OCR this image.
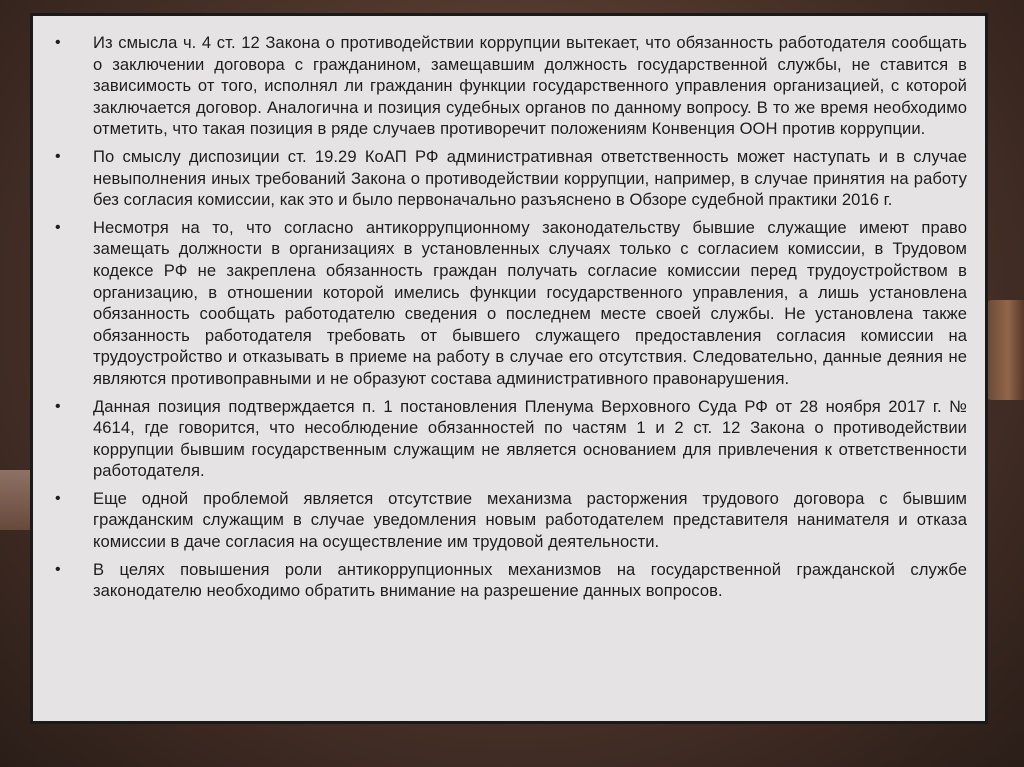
• Из смысла ч. 4 ст. 12 Закона о противодействии коррупции вытекает, что обязанность работодателя сообщать о заключении договора с гражданином, замещавшим должность государственной службы, не ставится в зависимость от того, исполнял ли гражданин функции государственного управления организацией, с которой заключается договор. Аналогична и позиция судебных органов по данному вопросу. В то же время необходимо отметить, что такая позиция в ряде случаев противоречит положениям Конвенция ООН против коррупции.
• По смыслу диспозиции ст. 19.29 КоАП РФ административная ответственность может наступать и в случае невыполнения иных требований Закона о противодействии коррупции, например, в случае принятия на работу без согласия комиссии, как это и было первоначально разъяснено в Обзоре судебной практики 2016 г.
• Несмотря на то, что согласно антикоррупционному законодательству бывшие служащие имеют право замещать должности в организациях в установленных случаях только с согласием комиссии, в Трудовом кодексе РФ не закреплена обязанность граждан получать согласие комиссии перед трудоустройством в организацию, в отношении которой имелись функции государственного управления, а лишь установлена обязанность сообщать работодателю сведения о последнем месте своей службы. Не установлена также обязанность работодателя требовать от бывшего служащего предоставления согласия комиссии на трудоустройство и отказывать в приеме на работу в случае его отсутствия. Следовательно, данные деяния не являются противоправными и не образуют состава административного правонарушения.
• Данная позиция подтверждается п. 1 постановления Пленума Верховного Суда РФ от 28 ноября 2017 г. № 4614, где говорится, что несоблюдение обязанностей по частям 1 и 2 ст. 12 Закона о противодействии коррупции бывшим государственным служащим не является основанием для привлечения к ответственности работодателя.
• Еще одной проблемой является отсутствие механизма расторжения трудового договора с бывшим гражданским служащим в случае уведомления новым работодателем представителя нанимателя и отказа комиссии в даче согласия на осуществление им трудовой деятельности.
• В целях повышения роли антикоррупционных механизмов на государственной гражданской службе законодателю необходимо обратить внимание на разрешение данных вопросов.
